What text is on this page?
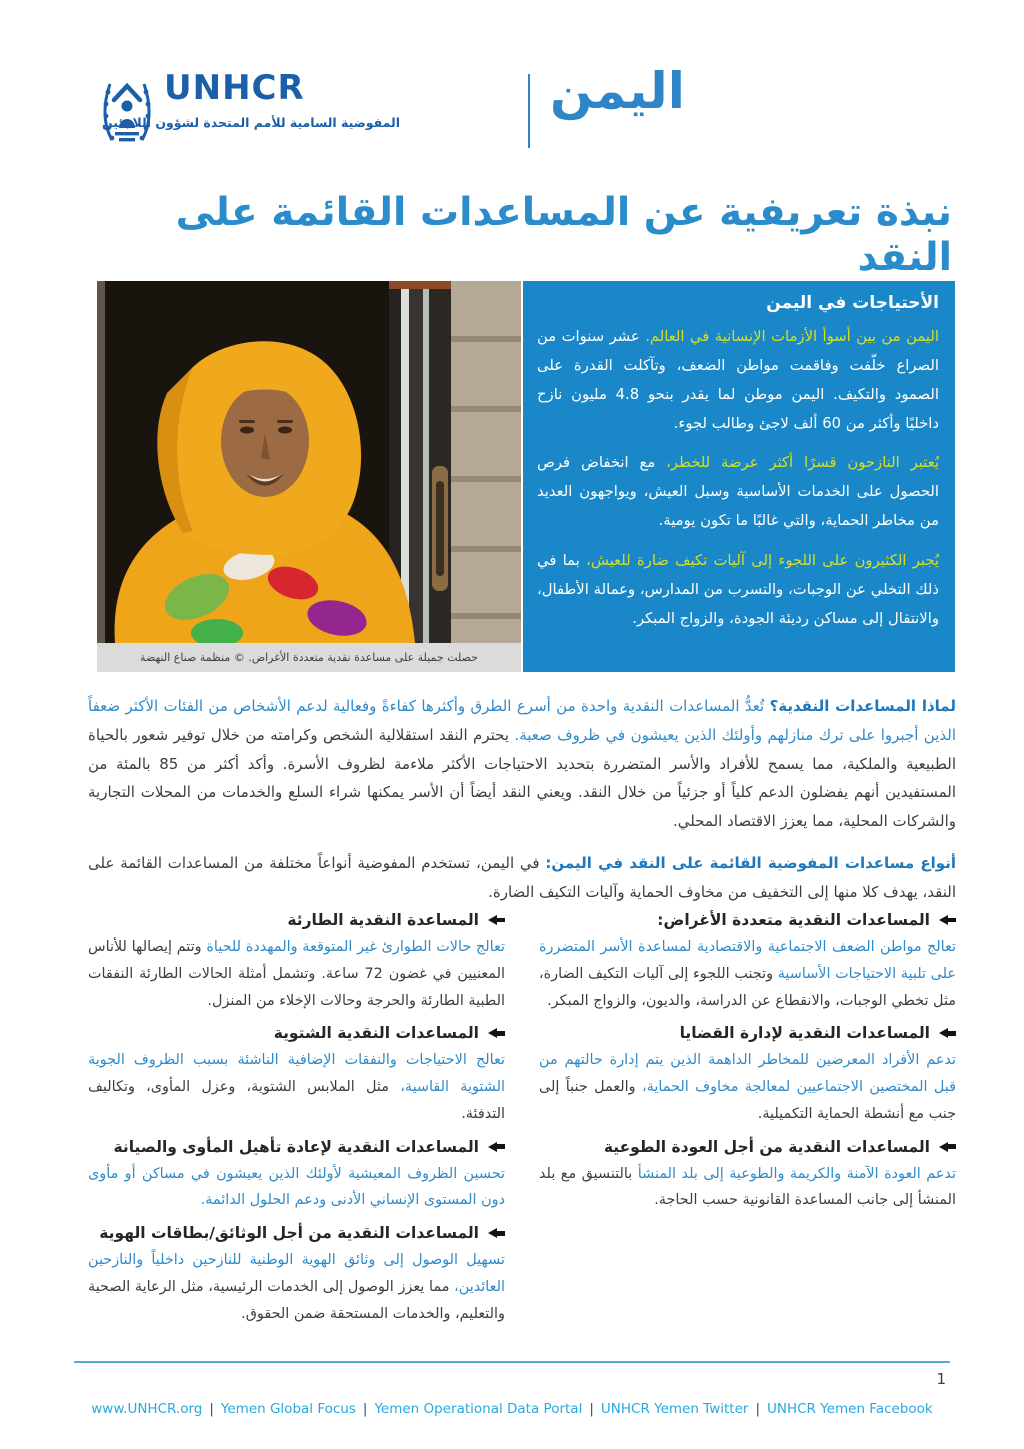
UNHCR
المفوضية السامية للأمم المتحدة لشؤون اللاجئين
اليمن
نبذة تعريفية عن المساعدات القائمة على النقد
حصلت جميلة على مساعدة نقدية متعددة الأغراض. © منظمة صناع النهضة
الأحتياجات في اليمن

اليمن من بين أسوأ الأزمات الإنسانية في العالم. عشر سنوات من الصراع خلّفت وفاقمت مواطن الضعف، وتآكلت القدرة على الصمود والتكيف. اليمن موطن لما يقدر بنحو 4.8 مليون نازح داخليًا وأكثر من 60 ألف لاجئ وطالب لجوء.

يُعتبر النازحون قسرًا أكثر عرضة للخطر، مع انخفاض فرص الحصول على الخدمات الأساسية وسبل العيش، ويواجهون العديد من مخاطر الحماية، والتي غالبًا ما تكون يومية.

يُجبر الكثيرون على اللجوء إلى آليات تكيف ضارة للعيش، بما في ذلك التخلي عن الوجبات، والتسرب من المدارس، وعمالة الأطفال، والانتقال إلى مساكن رديئة الجودة، والزواج المبكر.

لماذا المساعدات النقدية؟ تُعدُّ المساعدات النقدية واحدة من أسرع الطرق وأكثرها كفاءةً وفعالية لدعم الأشخاص من الفئات الأكثر ضعفاً الذين أجبروا على ترك منازلهم وأولئك الذين يعيشون في ظروف صعبة. يحترم النقد استقلالية الشخص وكرامته من خلال توفير شعور بالحياة الطبيعية والملكية، مما يسمح للأفراد والأسر المتضررة بتحديد الاحتياجات الأكثر ملاءمة لظروف الأسرة. وأكد أكثر من 85 بالمئة من المستفيدين أنهم يفضلون الدعم كلياً أو جزئياً من خلال النقد. ويعني النقد أيضاً أن الأسر يمكنها شراء السلع والخدمات من المحلات التجارية والشركات المحلية، مما يعزز الاقتصاد المحلي.
أنواع مساعدات المفوضية القائمة على النقد في اليمن: في اليمن، تستخدم المفوضية أنواعاً مختلفة من المساعدات القائمة على النقد، يهدف كلا منها إلى التخفيف من مخاوف الحماية وآليات التكيف الضارة.
المساعدات النقدية متعددة الأغراض:

تعالج مواطن الضعف الاجتماعية والاقتصادية لمساعدة الأسر المتضررة على تلبية الاحتياجات الأساسية وتجنب اللجوء إلى آليات التكيف الضارة، مثل تخطي الوجبات، والانقطاع عن الدراسة، والديون، والزواج المبكر.

المساعدات النقدية لإدارة القضايا

تدعم الأفراد المعرضين للمخاطر الداهمة الذين يتم إدارة حالتهم من قبل المختصين الاجتماعيين لمعالجة مخاوف الحماية، والعمل جنباً إلى جنب مع أنشطة الحماية التكميلية.

المساعدات النقدية من أجل العودة الطوعية

تدعم العودة الآمنة والكريمة والطوعية إلى بلد المنشأ بالتنسيق مع بلد المنشأ إلى جانب المساعدة القانونية حسب الحاجة.

المساعدة النقدية الطارئة

تعالج حالات الطوارئ غير المتوقعة والمهددة للحياة وتتم إيصالها للأناس المعنيين في غضون 72 ساعة. وتشمل أمثلة الحالات الطارئة النفقات الطبية الطارئة والحرجة وحالات الإخلاء من المنزل.

المساعدات النقدية الشتوية

تعالج الاحتياجات والنفقات الإضافية الناشئة بسبب الظروف الجوية الشتوية القاسية، مثل الملابس الشتوية، وعزل المأوى، وتكاليف التدفئة.

المساعدات النقدية لإعادة تأهيل المأوى والصيانة

تحسين الظروف المعيشية لأولئك الذين يعيشون في مساكن أو مأوى دون المستوى الإنساني الأدنى ودعم الحلول الدائمة.

المساعدات النقدية من أجل الوثائق/بطاقات الهوية

تسهيل الوصول إلى وثائق الهوية الوطنية للنازحين داخلياً والنازحين العائدين، مما يعزز الوصول إلى الخدمات الرئيسية، مثل الرعاية الصحية والتعليم، والخدمات المستحقة ضمن الحقوق.

1
www.UNHCR.org | Yemen Global Focus | Yemen Operational Data Portal | UNHCR Yemen Twitter | UNHCR Yemen Facebook
